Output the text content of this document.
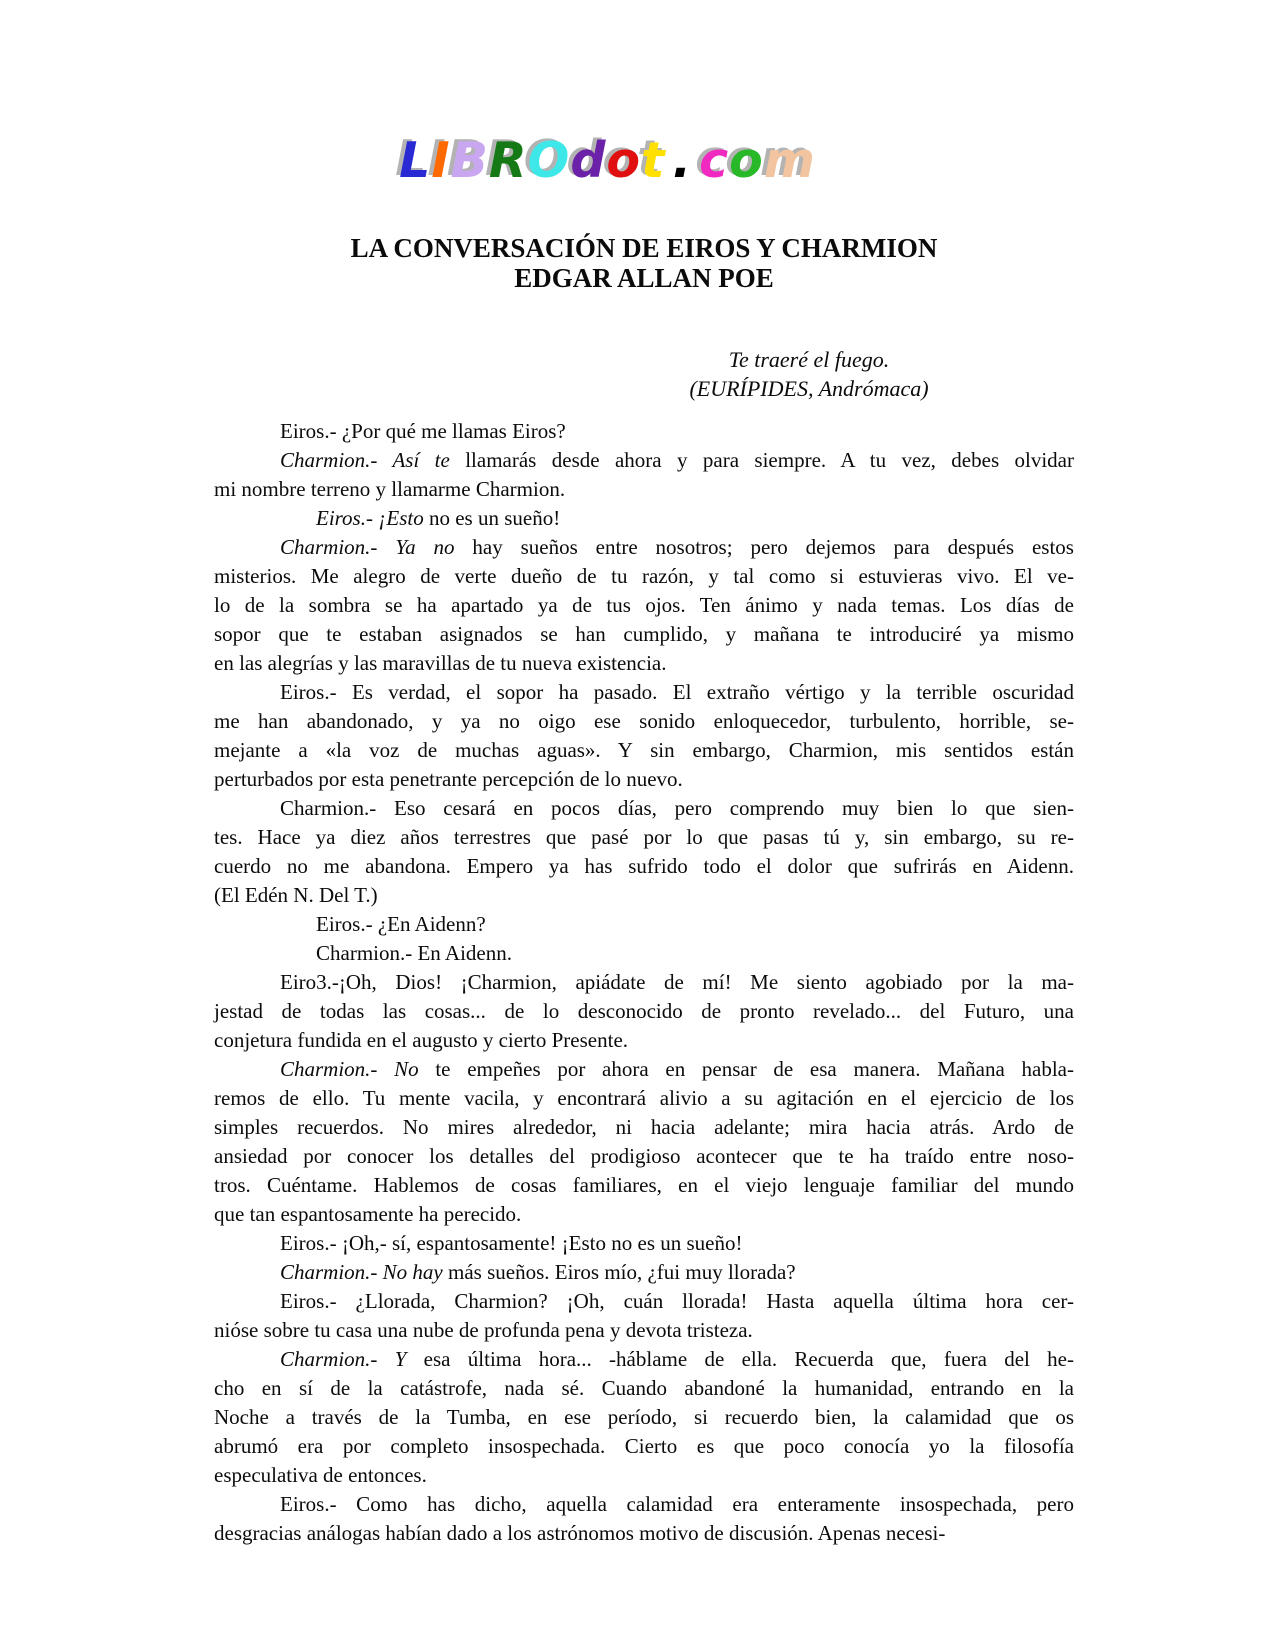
LIBROdot . com
LA CONVERSACIÓN DE EIROS Y CHARMION
EDGAR ALLAN POE
Te traeré el fuego.
(EURÍPIDES, Andrómaca)
Eiros.- ¿Por qué me llamas Eiros?
Charmion.- Así te llamarás desde ahora y para siempre. A tu vez, debes olvidar
mi nombre terreno y llamarme Charmion.
Eiros.- ¡Esto no es un sueño!
Charmion.- Ya no hay sueños entre nosotros; pero dejemos para después estos
misterios. Me alegro de verte dueño de tu razón, y tal como si estuvieras vivo. El ve-
lo de la sombra se ha apartado ya de tus ojos. Ten ánimo y nada temas. Los días de
sopor que te estaban asignados se han cumplido, y mañana te introduciré ya mismo
en las alegrías y las maravillas de tu nueva existencia.
Eiros.- Es verdad, el sopor ha pasado. El extraño vértigo y la terrible oscuridad
me han abandonado, y ya no oigo ese sonido enloquecedor, turbulento, horrible, se-
mejante a «la voz de muchas aguas». Y sin embargo, Charmion, mis sentidos están
perturbados por esta penetrante percepción de lo nuevo.
Charmion.- Eso cesará en pocos días, pero comprendo muy bien lo que sien-
tes. Hace ya diez años terrestres que pasé por lo que pasas tú y, sin embargo, su re-
cuerdo no me abandona. Empero ya has sufrido todo el dolor que sufrirás en Aidenn.
(El Edén N. Del T.)
Eiros.- ¿En Aidenn?
Charmion.- En Aidenn.
Eiro3.-¡Oh, Dios! ¡Charmion, apiádate de mí! Me siento agobiado por la ma-
jestad de todas las cosas... de lo desconocido de pronto revelado... del Futuro, una
conjetura fundida en el augusto y cierto Presente.
Charmion.- No te empeñes por ahora en pensar de esa manera. Mañana habla-
remos de ello. Tu mente vacila, y encontrará alivio a su agitación en el ejercicio de los
simples recuerdos. No mires alrededor, ni hacia adelante; mira hacia atrás. Ardo de
ansiedad por conocer los detalles del prodigioso acontecer que te ha traído entre noso-
tros. Cuéntame. Hablemos de cosas familiares, en el viejo lenguaje familiar del mundo
que tan espantosamente ha perecido.
Eiros.- ¡Oh,- sí, espantosamente! ¡Esto no es un sueño!
Charmion.- No hay más sueños. Eiros mío, ¿fui muy llorada?
Eiros.- ¿Llorada, Charmion? ¡Oh, cuán llorada! Hasta aquella última hora cer-
nióse sobre tu casa una nube de profunda pena y devota tristeza.
Charmion.- Y esa última hora... -háblame de ella. Recuerda que, fuera del he-
cho en sí de la catástrofe, nada sé. Cuando abandoné la humanidad, entrando en la
Noche a través de la Tumba, en ese período, si recuerdo bien, la calamidad que os
abrumó era por completo insospechada. Cierto es que poco conocía yo la filosofía
especulativa de entonces.
Eiros.- Como has dicho, aquella calamidad era enteramente insospechada, pero
desgracias análogas habían dado a los astrónomos motivo de discusión. Apenas necesi-
